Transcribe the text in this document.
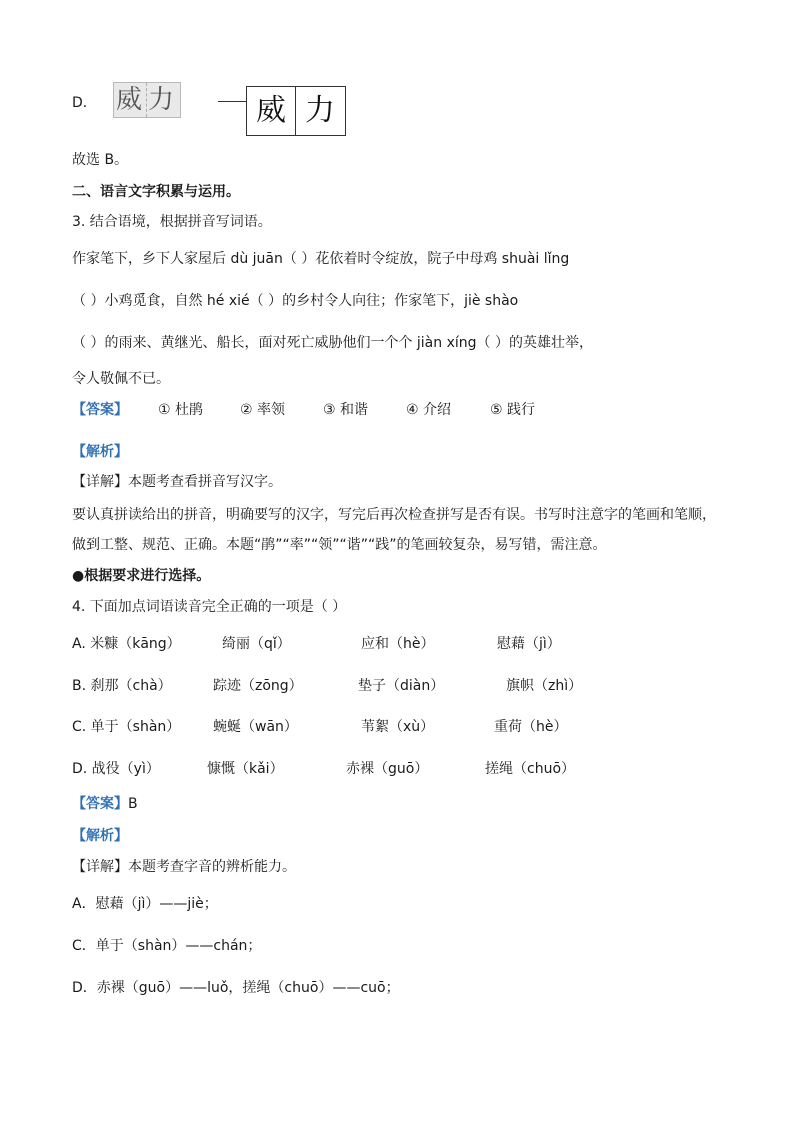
D． 威 力	威 力
故选 B。
二、语言文字积累与运用。
3. 结合语境，根据拼音写词语。
作家笔下，乡下人家屋后 dù juān（ ）花依着时令绽放，院子中母鸡 shuài lǐng
（ ）小鸡觅食，自然 hé xié（ ）的乡村令人向往；作家笔下，jiè shào
（ ）的雨来、黄继光、船长，面对死亡威胁他们一个个 jiàn xíng（ ）的英雄壮举，
令人敬佩不已。
【答案】 ① 杜鹃	② 率领	③ 和谐	④ 介绍	⑤ 践行
【解析】
【详解】本题考查看拼音写汉字。
要认真拼读给出的拼音，明确要写的汉字，写完后再次检查拼写是否有误。书写时注意字的笔画和笔顺，
做到工整、规范、正确。本题“鹃”“率”“领”“谐”“践”的笔画较复杂，易写错，需注意。
●根据要求进行选择。
4. 下面加点词语读音完全正确的一项是（ ）
A. 米糠（kāng）	绮丽（qǐ）	应和（hè）	慰藉（jì）
B. 刹那（chà）	踪迹（zōng）	垫子（diàn）	旗帜（zhì）
C. 单于（shàn） 蜿蜒（wān）	苇絮（xù）	重荷（hè）
D. 战役（yì）	慷慨（kǎi）	赤裸（guō）	搓绳（chuō）
【答案】B
【解析】
【详解】本题考查字音的辨析能力。
A．慰藉（jì）——jiè；
C．单于（shàn）——chán；
D．赤裸（guō）——luǒ，搓绳（chuō）——cuō；
